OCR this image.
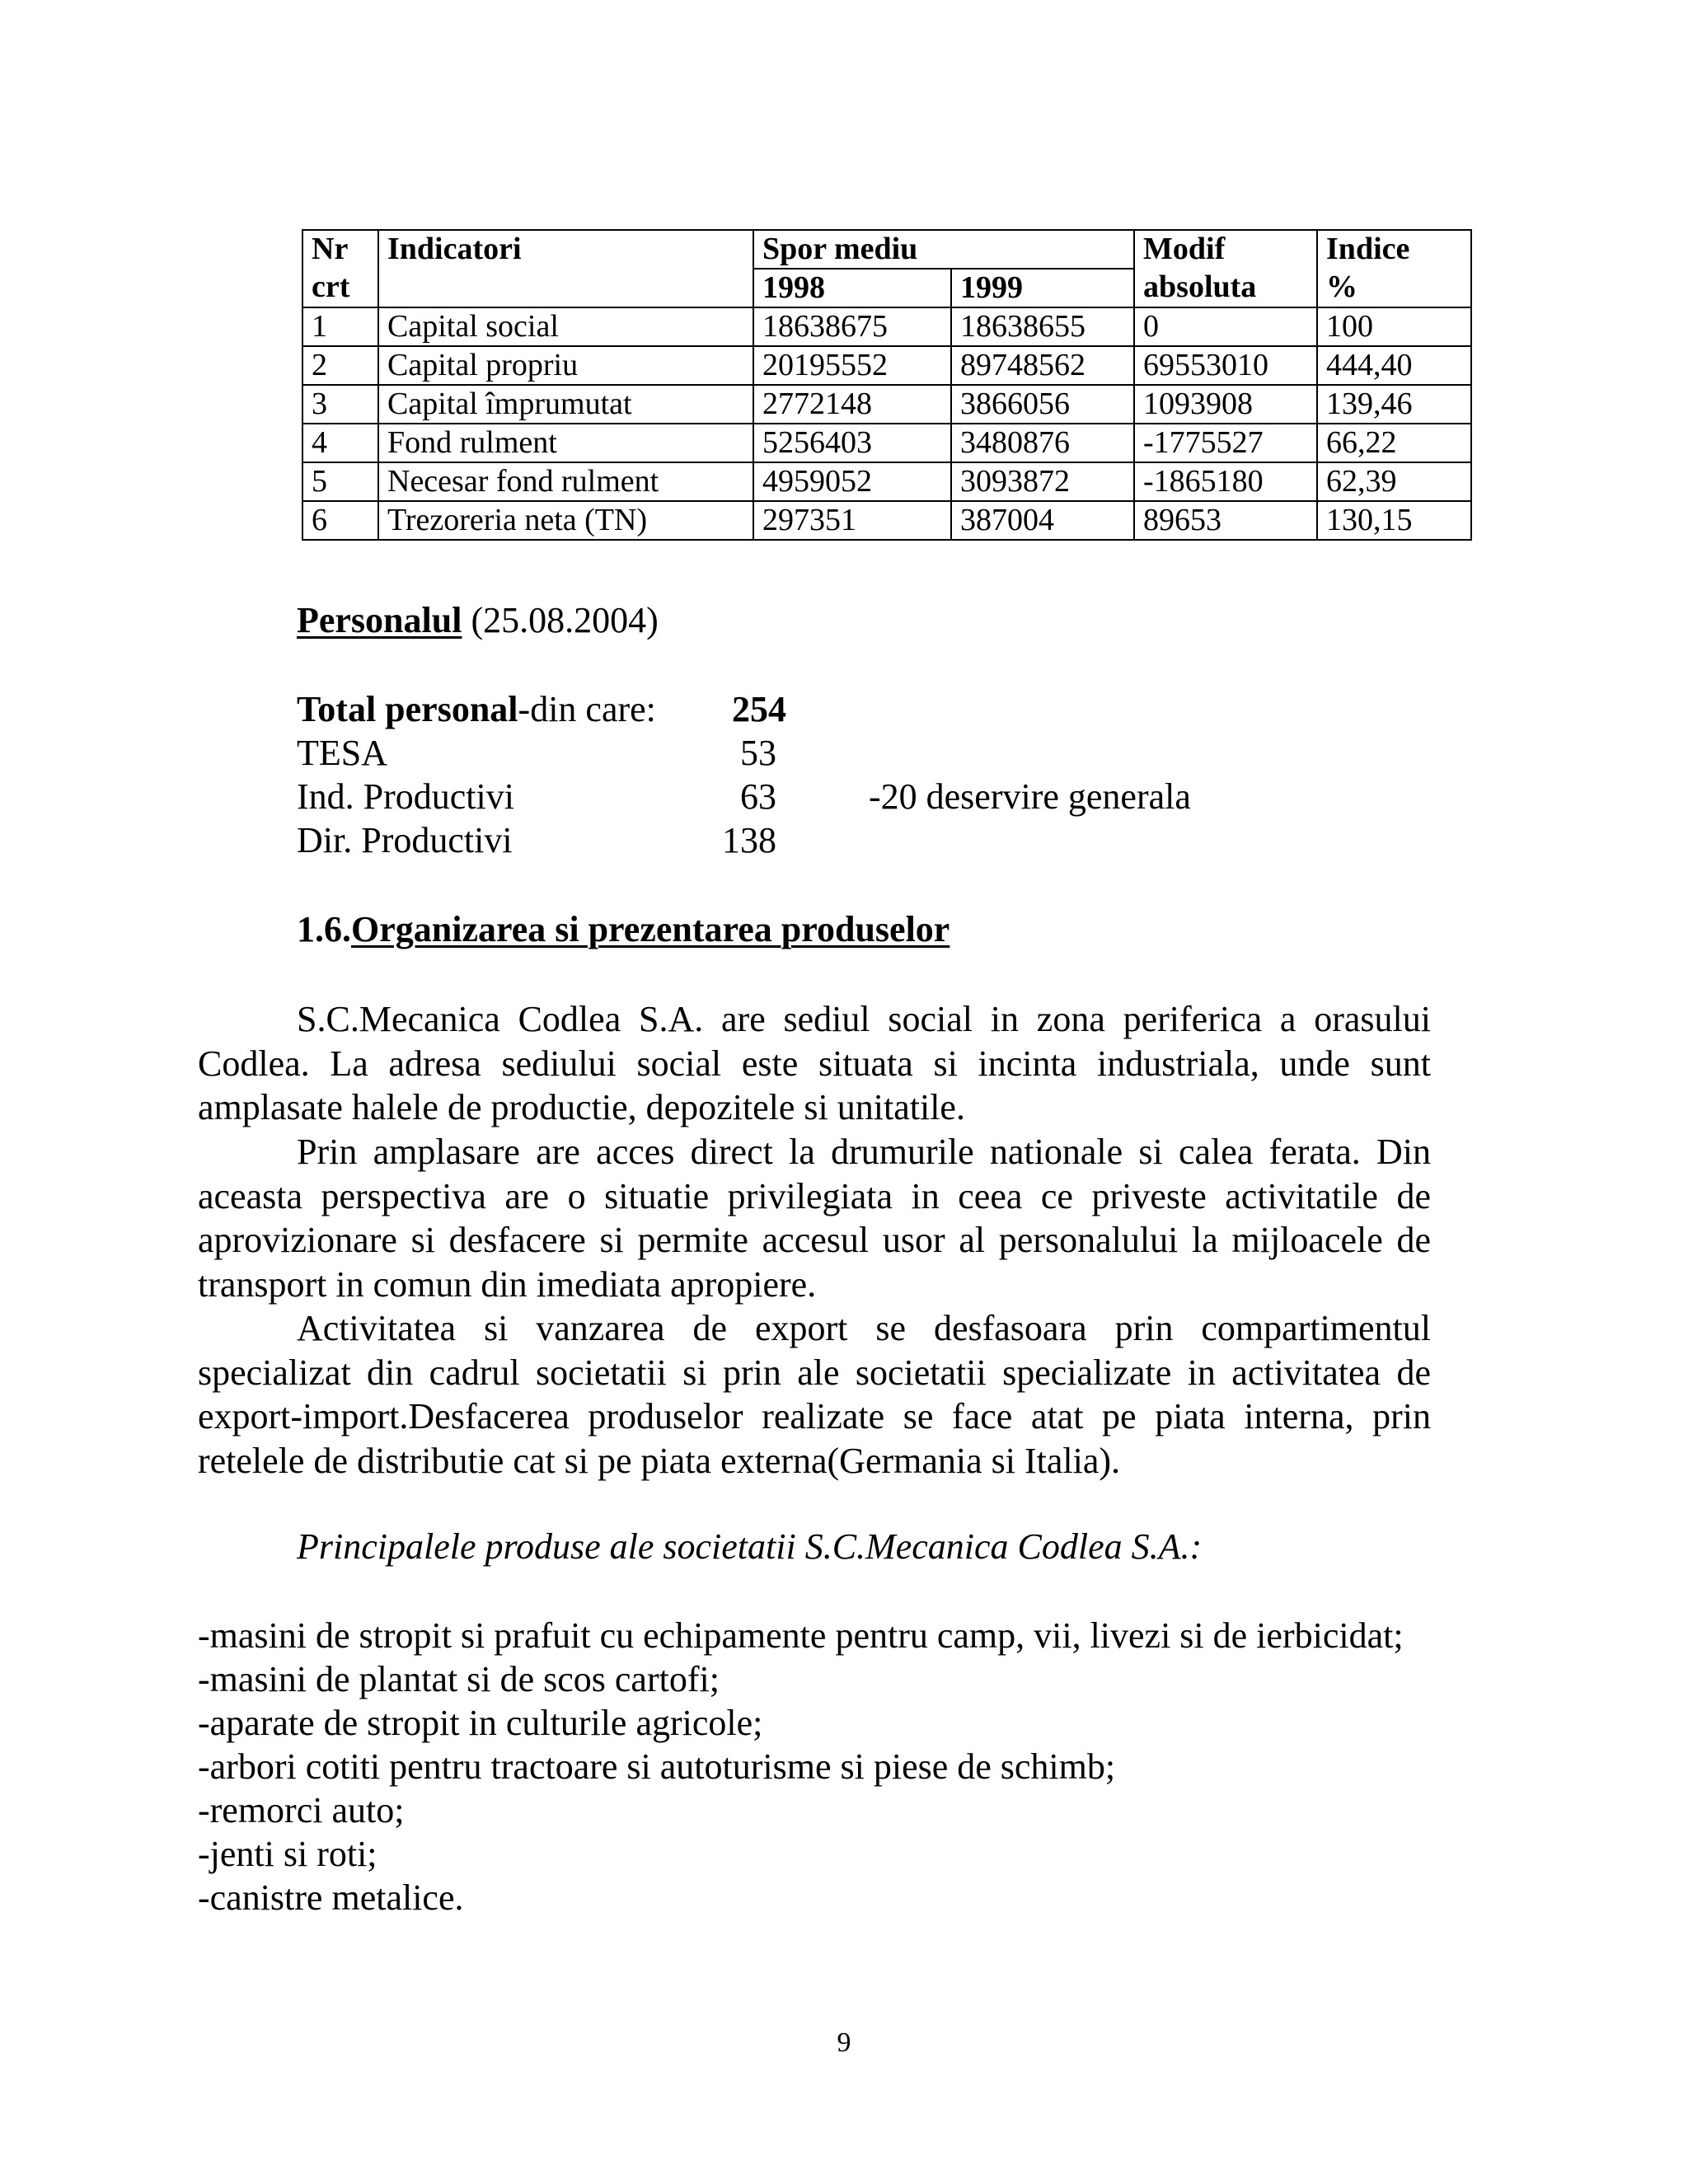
Nr	Indicatori	Spor mediu		Modif	Indice
crt		1998	1999	absoluta	%
1	Capital social	18638675	18638655	0	100
2	Capital propriu	20195552	89748562	69553010	444,40
3	Capital împrumutat	2772148	3866056	1093908	139,46
4	Fond rulment	5256403	3480876	-1775527	66,22
5	Necesar fond rulment	4959052	3093872	-1865180	62,39
6	Trezoreria neta (TN)	297351	387004	89653	130,15
Personalul (25.08.2004)
Total personal-din care:	254
TESA	53
Ind. Productivi	63	-20 deservire generala
Dir. Productivi	138
1.6.Organizarea si prezentarea produselor
S.C.Mecanica Codlea S.A. are sediul social in zona periferica a orasului Codlea. La adresa sediului social este situata si incinta industriala, unde sunt amplasate halele de productie, depozitele si unitatile.
Prin amplasare are acces direct la drumurile nationale si calea ferata. Din aceasta perspectiva are o situatie privilegiata in ceea ce priveste activitatile de aprovizionare si desfacere si permite accesul usor al personalului la mijloacele de transport in comun din imediata apropiere.
Activitatea si vanzarea de export se desfasoara prin compartimentul specializat din cadrul societatii si prin ale societatii specializate in activitatea de export-import.Desfacerea produselor realizate se face atat pe piata interna, prin retelele de distributie cat si pe piata externa(Germania si Italia).
Principalele produse ale societatii S.C.Mecanica Codlea S.A.:
-masini de stropit si prafuit cu echipamente pentru camp, vii, livezi si de ierbicidat;
-masini de plantat si de scos cartofi;
-aparate de stropit in culturile agricole;
-arbori cotiti pentru tractoare si autoturisme si piese de schimb;
-remorci auto;
-jenti si roti;
-canistre metalice.
9
